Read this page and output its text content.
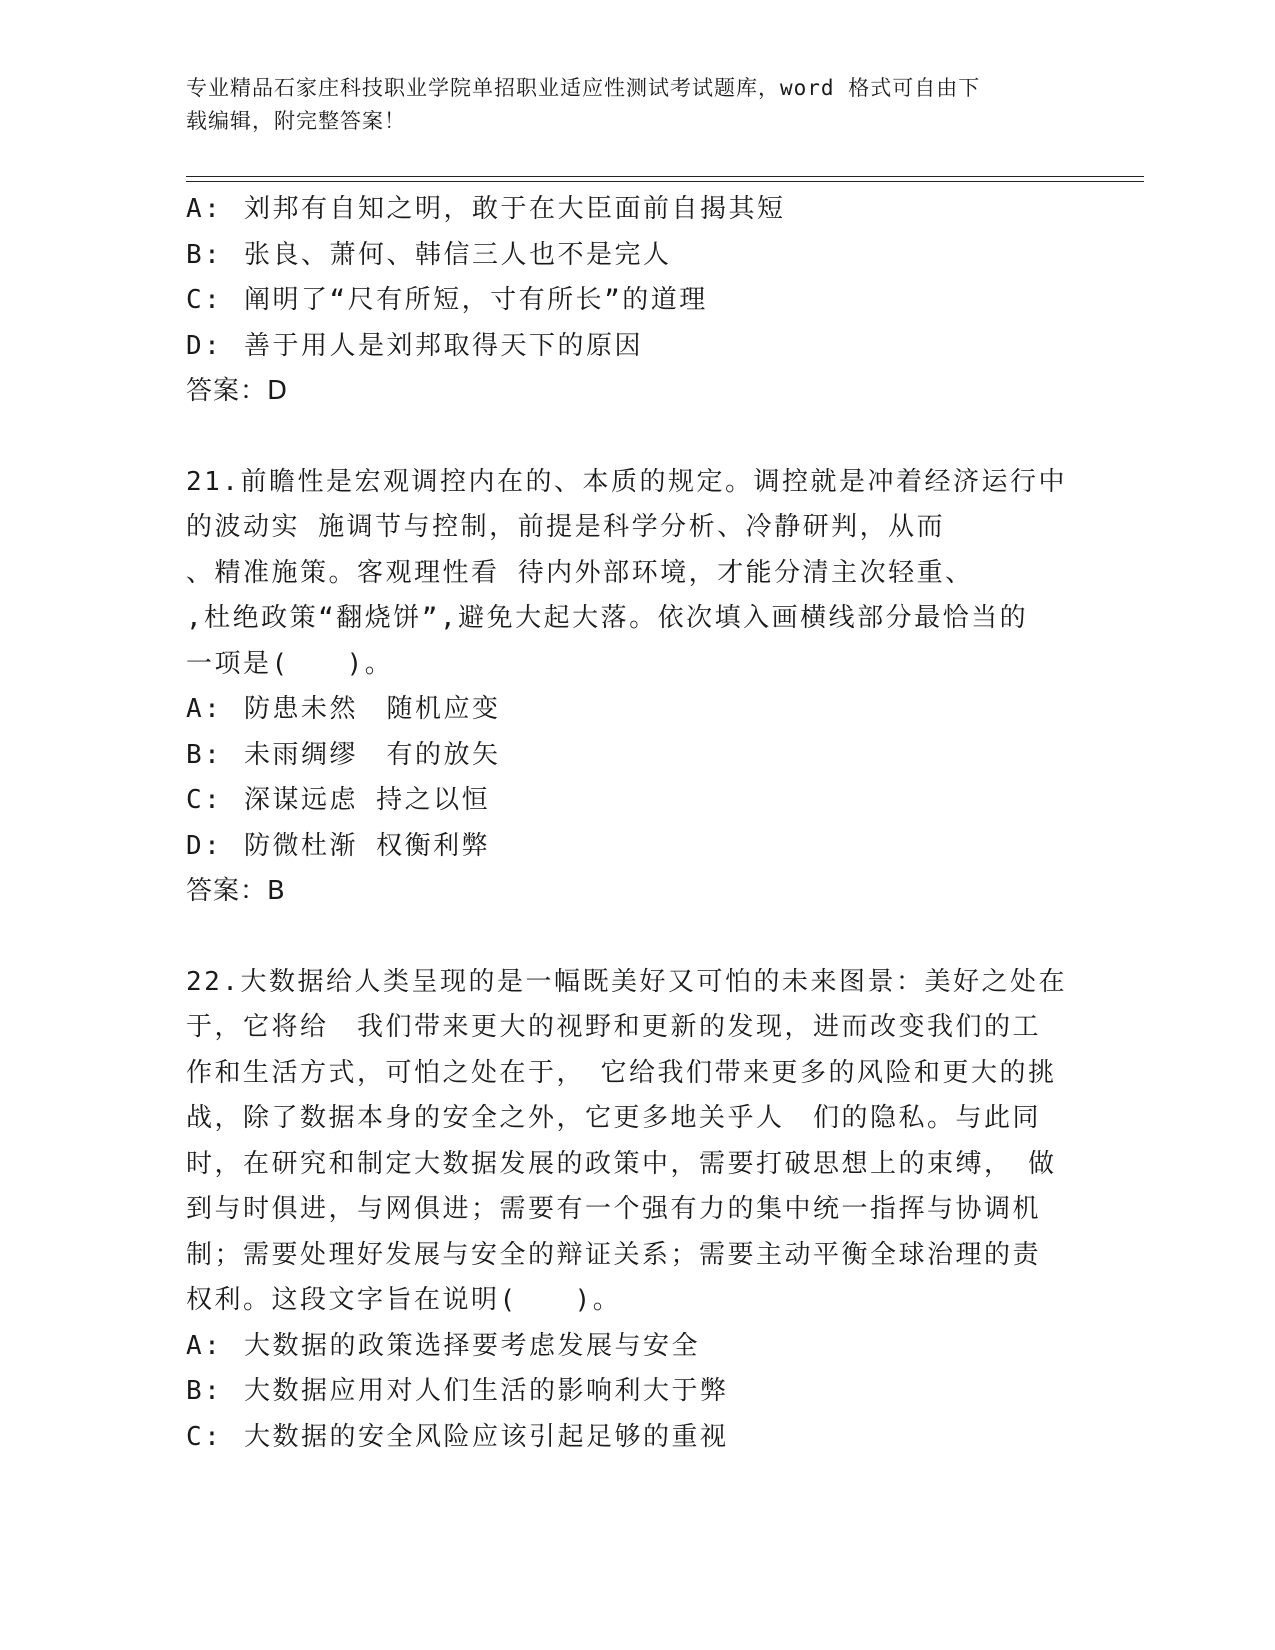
专业精品石家庄科技职业学院单招职业适应性测试考试题库，word 格式可自由下
载编辑，附完整答案！
A: 刘邦有自知之明，敢于在大臣面前自揭其短
B: 张良、萧何、韩信三人也不是完人
C: 阐明了“尺有所短，寸有所长”的道理
D: 善于用人是刘邦取得天下的原因
答案：D
21.前瞻性是宏观调控内在的、本质的规定。调控就是冲着经济运行中
的波动实 施调节与控制，前提是科学分析、冷静研判，从而
、精准施策。客观理性看 待内外部环境，才能分清主次轻重、
,杜绝政策“翻烧饼”,避免大起大落。依次填入画横线部分最恰当的
一项是(　　)。
A: 防患未然　随机应变
B: 未雨绸缪　有的放矢
C: 深谋远虑 持之以恒
D: 防微杜渐 权衡利弊
答案：B
22.大数据给人类呈现的是一幅既美好又可怕的未来图景：美好之处在
于，它将给　我们带来更大的视野和更新的发现，进而改变我们的工
作和生活方式，可怕之处在于，　它给我们带来更多的风险和更大的挑
战，除了数据本身的安全之外，它更多地关乎人　们的隐私。与此同
时，在研究和制定大数据发展的政策中，需要打破思想上的束缚，　做
到与时俱进，与网俱进；需要有一个强有力的集中统一指挥与协调机
制；需要处理好发展与安全的辩证关系；需要主动平衡全球治理的责
权利。这段文字旨在说明(　　)。
A: 大数据的政策选择要考虑发展与安全
B: 大数据应用对人们生活的影响利大于弊
C: 大数据的安全风险应该引起足够的重视
